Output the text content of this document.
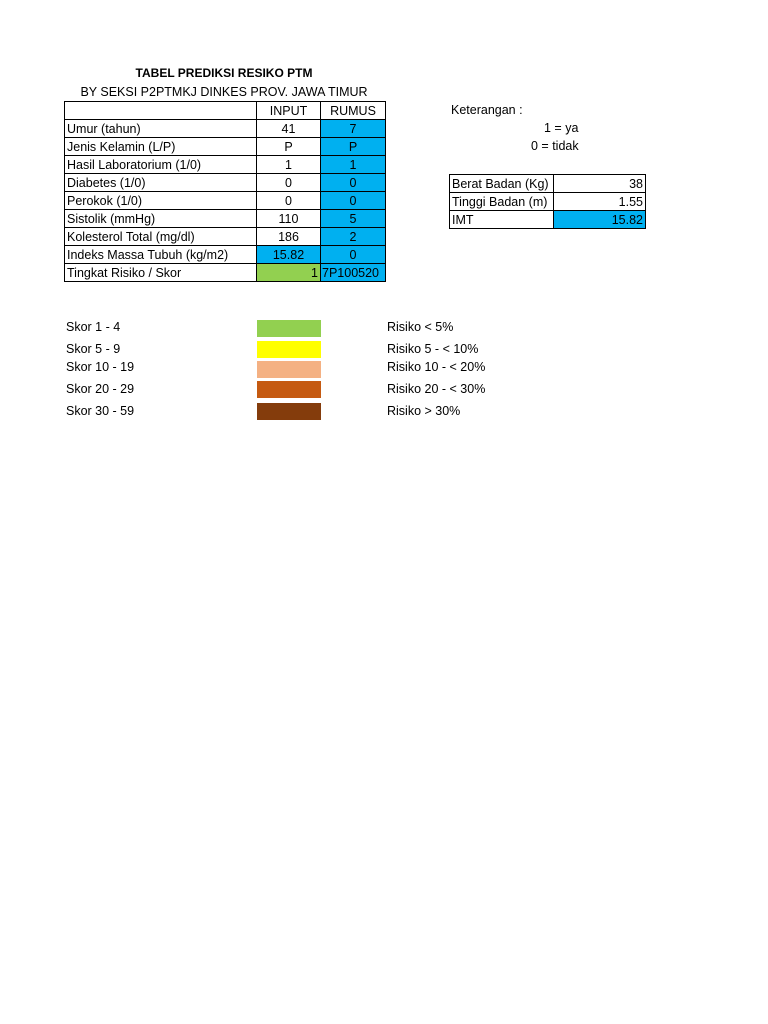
TABEL PREDIKSI RESIKO PTM
BY SEKSI P2PTMKJ DINKES PROV. JAWA TIMUR
	INPUT	RUMUS
Umur (tahun)	41	7
Jenis Kelamin (L/P)	P	P
Hasil Laboratorium (1/0)	1	1
Diabetes (1/0)	0	0
Perokok (1/0)	0	0
Sistolik (mmHg)	110	5
Kolesterol Total (mg/dl)	186	2
Indeks Massa Tubuh (kg/m2)	15.82	0
Tingkat Risiko / Skor	1	7P100520
Keterangan :
1 = ya
0 = tidak
Berat Badan (Kg)	38
Tinggi Badan (m)	1.55
IMT	15.82
Skor 1 - 4	Risiko < 5%
Skor 5 - 9	Risiko 5 - < 10%
Skor 10 - 19	Risiko 10 - < 20%
Skor 20 - 29	Risiko 20 - < 30%
Skor 30 - 59	Risiko > 30%
